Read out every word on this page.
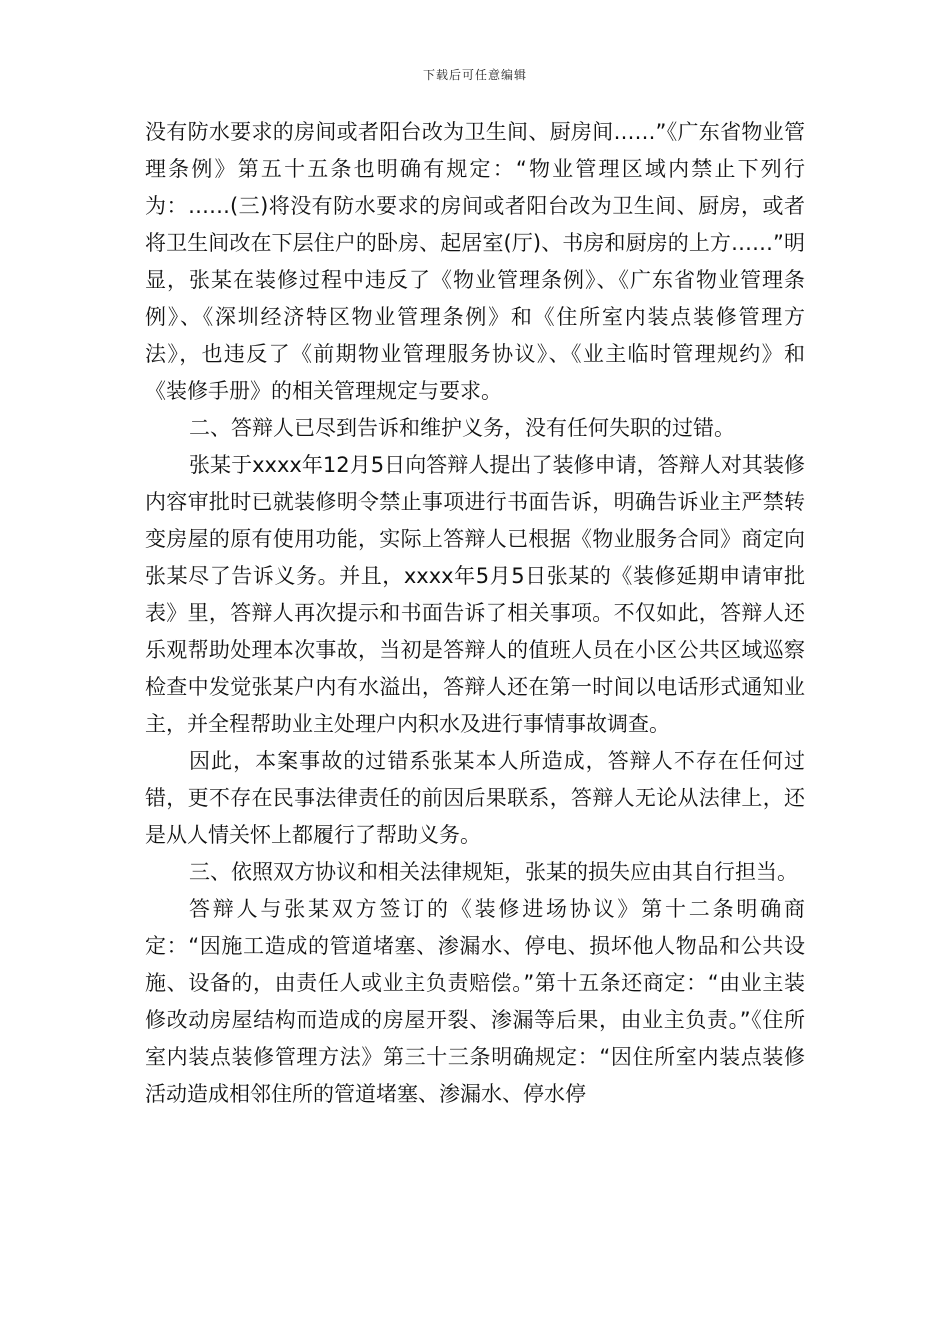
下载后可任意编辑

没有防水要求的房间或者阳台改为卫生间、厨房间……”《广东省物业管理条例》第五十五条也明确有规定：“物业管理区域内禁止下列行为：……(三)将没有防水要求的房间或者阳台改为卫生间、厨房，或者将卫生间改在下层住户的卧房、起居室(厅)、书房和厨房的上方……”明显，张某在装修过程中违反了《物业管理条例》、《广东省物业管理条例》、《深圳经济特区物业管理条例》和《住所室内装点装修管理方法》，也违反了《前期物业管理服务协议》、《业主临时管理规约》和《装修手册》的相关管理规定与要求。

二、答辩人已尽到告诉和维护义务，没有任何失职的过错。

张某于xxxx年12月5日向答辩人提出了装修申请，答辩人对其装修内容审批时已就装修明令禁止事项进行书面告诉，明确告诉业主严禁转变房屋的原有使用功能，实际上答辩人已根据《物业服务合同》商定向张某尽了告诉义务。并且，xxxx年5月5日张某的《装修延期申请审批表》里，答辩人再次提示和书面告诉了相关事项。不仅如此，答辩人还乐观帮助处理本次事故，当初是答辩人的值班人员在小区公共区域巡察检查中发觉张某户内有水溢出，答辩人还在第一时间以电话形式通知业主，并全程帮助业主处理户内积水及进行事情事故调查。

因此，本案事故的过错系张某本人所造成，答辩人不存在任何过错，更不存在民事法律责任的前因后果联系，答辩人无论从法律上，还是从人情关怀上都履行了帮助义务。

三、依照双方协议和相关法律规矩，张某的损失应由其自行担当。

答辩人与张某双方签订的《装修进场协议》第十二条明确商定：“因施工造成的管道堵塞、渗漏水、停电、损坏他人物品和公共设施、设备的，由责任人或业主负责赔偿。”第十五条还商定：“由业主装修改动房屋结构而造成的房屋开裂、渗漏等后果，由业主负责。”《住所室内装点装修管理方法》第三十三条明确规定：“因住所室内装点装修活动造成相邻住所的管道堵塞、渗漏水、停水停
